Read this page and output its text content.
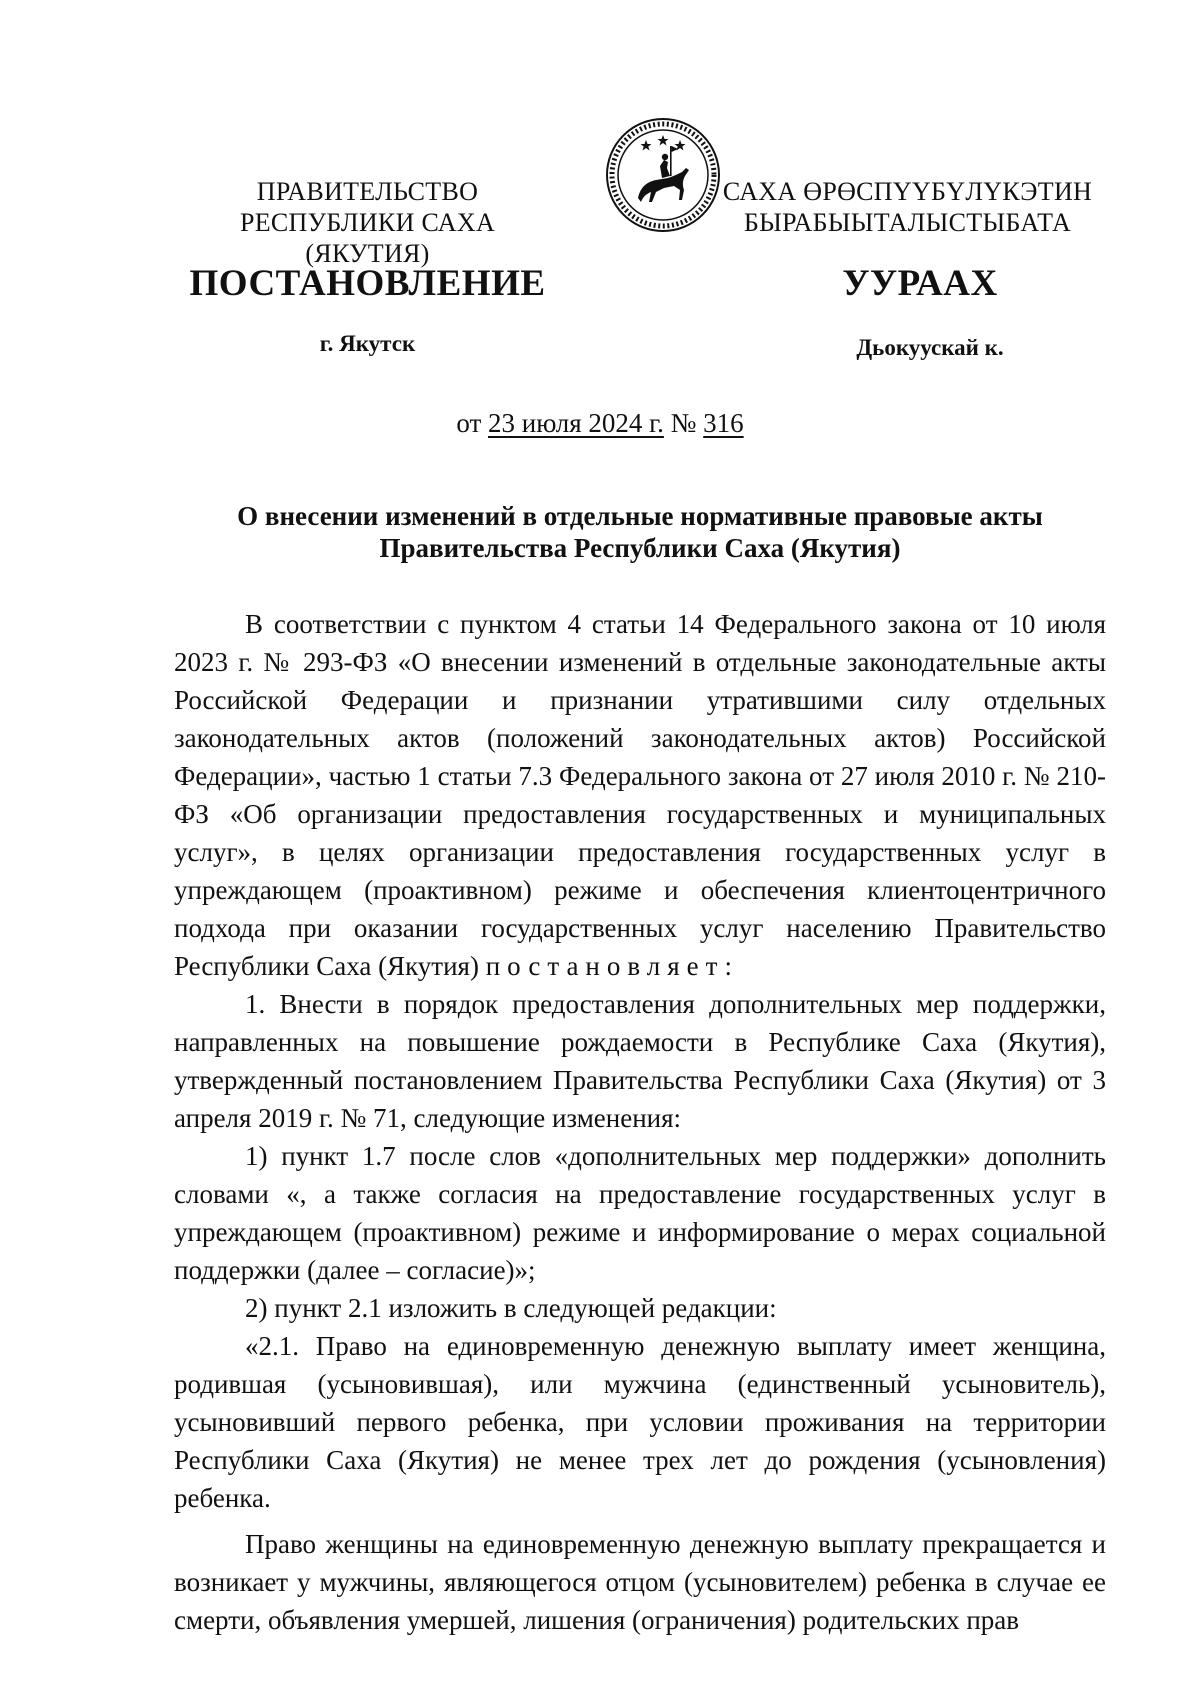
ПРАВИТЕЛЬСТВО
РЕСПУБЛИКИ САХА (ЯКУТИЯ)
САХА ӨРӨСПҮҮБҮЛҮКЭТИН
БЫРАБЫЫТАЛЫСТЫБАТА
ПОСТАНОВЛЕНИЕ	УУРААХ
г. Якутск	Дьокуускай к.
от 23 июля 2024 г. № 316
О внесении изменений в отдельные нормативные правовые акты
Правительства Республики Саха (Якутия)

В соответствии с пунктом 4 статьи 14 Федерального закона от 10 июля 2023 г. № 293-ФЗ «О внесении изменений в отдельные законодательные акты Российской Федерации и признании утратившими силу отдельных законодательных актов (положений законодательных актов) Российской Федерации», частью 1 статьи 7.3 Федерального закона от 27 июля 2010 г. № 210-ФЗ «Об организации предоставления государственных и муниципальных услуг», в целях организации предоставления государственных услуг в упреждающем (проактивном) режиме и обеспечения клиентоцентричного подхода при оказании государственных услуг населению Правительство Республики Саха (Якутия) постановляет:

1. Внести в порядок предоставления дополнительных мер поддержки, направленных на повышение рождаемости в Республике Саха (Якутия), утвержденный постановлением Правительства Республики Саха (Якутия) от 3 апреля 2019 г. № 71, следующие изменения:

1) пункт 1.7 после слов «дополнительных мер поддержки» дополнить словами «, а также согласия на предоставление государственных услуг в упреждающем (проактивном) режиме и информирование о мерах социальной поддержки (далее – согласие)»;

2) пункт 2.1 изложить в следующей редакции:

«2.1. Право на единовременную денежную выплату имеет женщина, родившая (усыновившая), или мужчина (единственный усыновитель), усыновивший первого ребенка, при условии проживания на территории Республики Саха (Якутия) не менее трех лет до рождения (усыновления) ребенка.

Право женщины на единовременную денежную выплату прекращается и возникает у мужчины, являющегося отцом (усыновителем) ребенка в случае ее смерти, объявления умершей, лишения (ограничения) родительских прав
